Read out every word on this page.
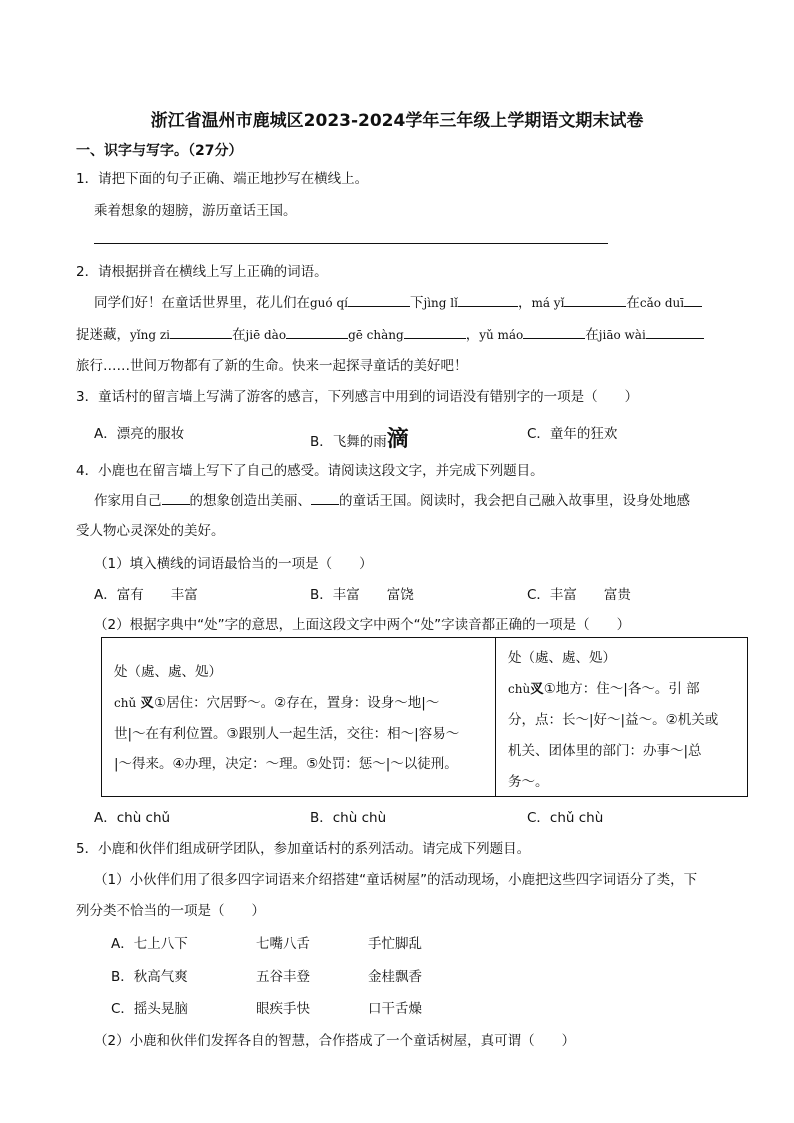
浙江省温州市鹿城区2023-2024学年三年级上学期语文期末试卷
一、识字与写字。（27分）
1．请把下面的句子正确、端正地抄写在横线上。
乘着想象的翅膀，游历童话王国。
2．请根据拼音在横线上写上正确的词语。
同学们好！在童话世界里，花儿们在guó qí	下jìng lǐ	，má yǐ	在cǎo duī
捉迷藏，yǐng zi	在jiē dào	gē chàng	，yǔ máo	在jiāo wài
旅行……世间万物都有了新的生命。快来一起探寻童话的美好吧！
3．童话村的留言墙上写满了游客的感言，下列感言中用到的词语没有错别字的一项是（　　）
A．漂亮的服妆	B．飞舞的雨滴	C．童年的狂欢
4．小鹿也在留言墙上写下了自己的感受。请阅读这段文字，并完成下列题目。
作家用自己 的想象创造出美丽、 的童话王国。阅读时，我会把自己融入故事里，设身处地感
受人物心灵深处的美好。
（1）填入横线的词语最恰当的一项是（　　）
A．富有　　丰富	B．丰富　　富饶	C．丰富　　富贵
（2）根据字典中“处”字的意思，上面这段文字中两个“处”字读音都正确的一项是（　　）
处（處、處、処）
chǔ 㕚①居住：穴居野～。②存在，置身：设身～地|～
世|～在有利位置。③跟别人一起生活，交往：相～|容易～
|～得来。④办理，决定：～理。⑤处罚：惩～|～以徒刑。

处（處、處、処）
chù㕚①地方：住～|各～。引 部
分，点：长～|好～|益～。②机关或
机关、团体里的部门：办事～|总
务～。
A．chù chǔ	B．chù chù	C．chǔ chù
5．小鹿和伙伴们组成研学团队，参加童话村的系列活动。请完成下列题目。
（1）小伙伴们用了很多四字词语来介绍搭建“童话树屋”的活动现场，小鹿把这些四字词语分了类，下
列分类不恰当的一项是（　　）
A．七上八下	七嘴八舌	手忙脚乱
B．秋高气爽	五谷丰登	金桂飘香
C．摇头晃脑	眼疾手快	口干舌燥
（2）小鹿和伙伴们发挥各自的智慧，合作搭成了一个童话树屋，真可谓（　　）
